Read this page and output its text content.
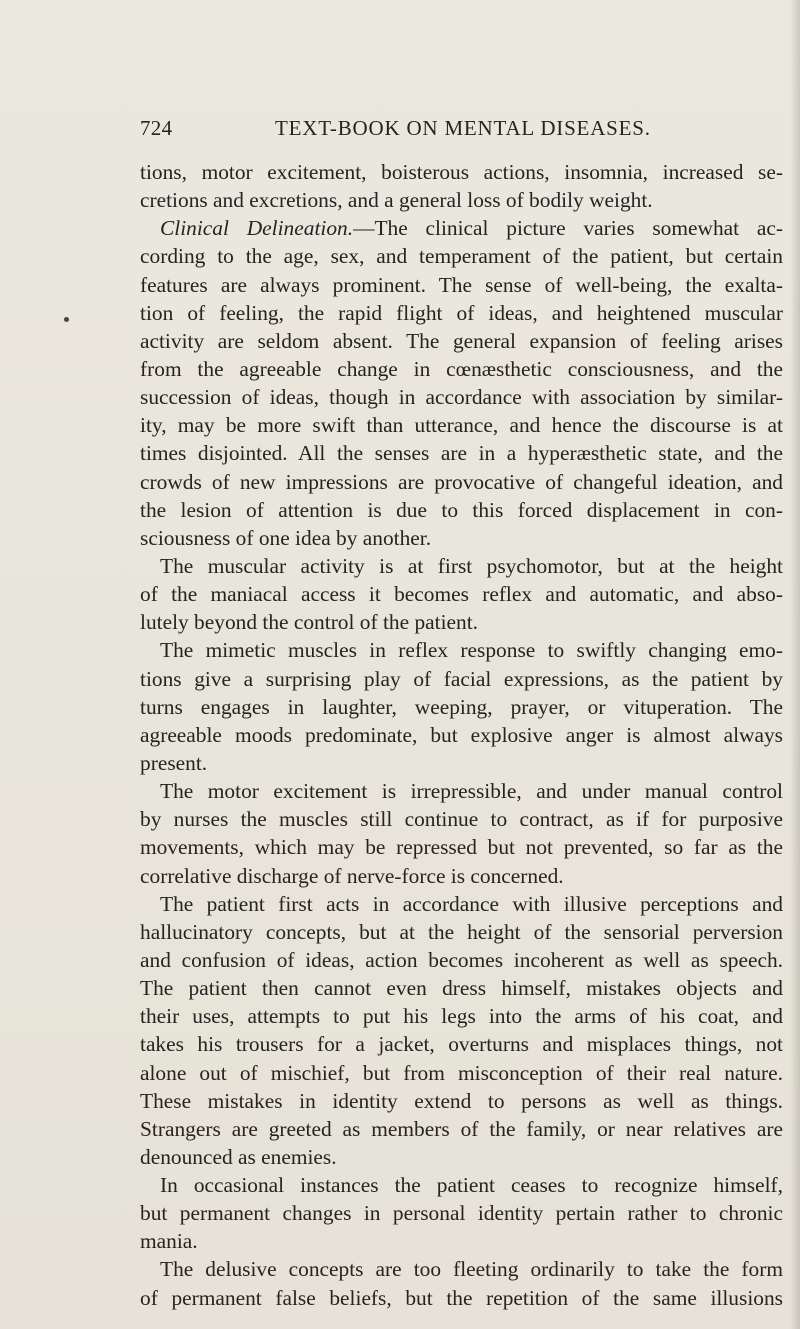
724	TEXT-BOOK ON MENTAL DISEASES.
tions, motor excitement, boisterous actions, insomnia, increased se-
cretions and excretions, and a general loss of bodily weight.
Clinical Delineation.—The clinical picture varies somewhat ac-
cording to the age, sex, and temperament of the patient, but certain
features are always prominent. The sense of well-being, the exalta-
tion of feeling, the rapid flight of ideas, and heightened muscular
activity are seldom absent. The general expansion of feeling arises
from the agreeable change in cœnæsthetic consciousness, and the
succession of ideas, though in accordance with association by similar-
ity, may be more swift than utterance, and hence the discourse is at
times disjointed. All the senses are in a hyperæsthetic state, and the
crowds of new impressions are provocative of changeful ideation, and
the lesion of attention is due to this forced displacement in con-
sciousness of one idea by another.
The muscular activity is at first psychomotor, but at the height
of the maniacal access it becomes reflex and automatic, and abso-
lutely beyond the control of the patient.
The mimetic muscles in reflex response to swiftly changing emo-
tions give a surprising play of facial expressions, as the patient by
turns engages in laughter, weeping, prayer, or vituperation. The
agreeable moods predominate, but explosive anger is almost always
present.
The motor excitement is irrepressible, and under manual control
by nurses the muscles still continue to contract, as if for purposive
movements, which may be repressed but not prevented, so far as the
correlative discharge of nerve-force is concerned.
The patient first acts in accordance with illusive perceptions and
hallucinatory concepts, but at the height of the sensorial perversion
and confusion of ideas, action becomes incoherent as well as speech.
The patient then cannot even dress himself, mistakes objects and
their uses, attempts to put his legs into the arms of his coat, and
takes his trousers for a jacket, overturns and misplaces things, not
alone out of mischief, but from misconception of their real nature.
These mistakes in identity extend to persons as well as things.
Strangers are greeted as members of the family, or near relatives are
denounced as enemies.
In occasional instances the patient ceases to recognize himself,
but permanent changes in personal identity pertain rather to chronic
mania.
The delusive concepts are too fleeting ordinarily to take the form
of permanent false beliefs, but the repetition of the same illusions
